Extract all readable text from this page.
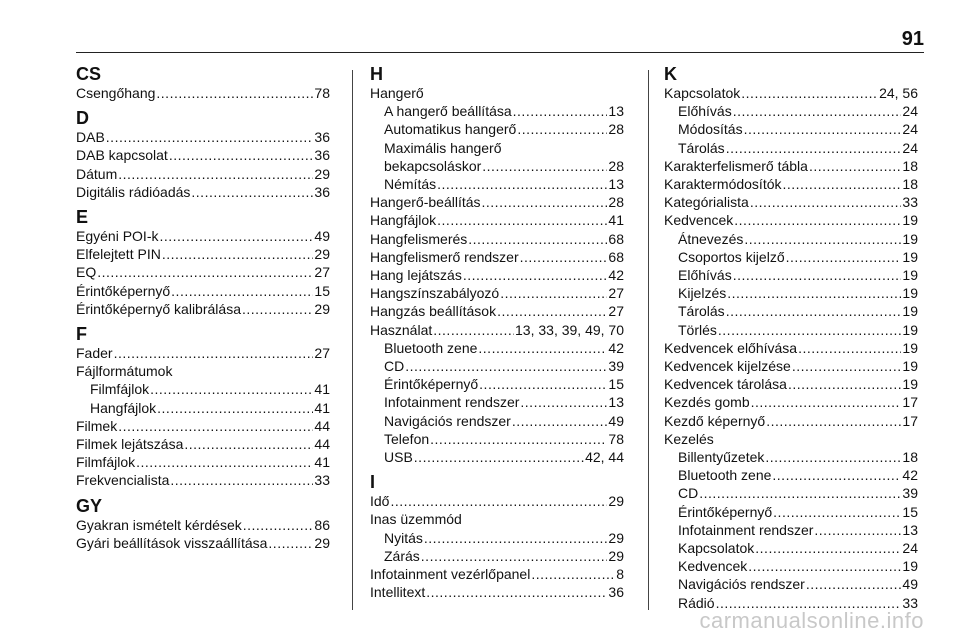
91
CS
Csengőhang .....	78
D
DAB .....	36
DAB kapcsolat .....	36
Dátum .....	29
Digitális rádióadás .....	36
E
Egyéni POI-k .....	49
Elfelejtett PIN .....	29
EQ .....	27
Érintőképernyő .....	15
Érintőképernyő kalibrálása .....	29
F
Fader .....	27
Fájlformátumok
Filmfájlok .....	41
Hangfájlok .....	41
Filmek .....	44
Filmek lejátszása .....	44
Filmfájlok .....	41
Frekvencialista .....	33
GY
Gyakran ismételt kérdések .....	86
Gyári beállítások visszaállítása .....	29
H
Hangerő
A hangerő beállítása .....	13
Automatikus hangerő .....	28
Maximális hangerő
bekapcsoláskor .....	28
Némítás .....	13
Hangerő-beállítás .....	28
Hangfájlok .....	41
Hangfelismerés .....	68
Hangfelismerő rendszer .....	68
Hang lejátszás .....	42
Hangszínszabályozó .....	27
Hangzás beállítások .....	27
Használat .....	13, 33, 39, 49, 70
Bluetooth zene .....	42
CD .....	39
Érintőképernyő .....	15
Infotainment rendszer .....	13
Navigációs rendszer .....	49
Telefon .....	78
USB .....	42, 44
I
Idő .....	29
Inas üzemmód
Nyitás .....	29
Zárás .....	29
Infotainment vezérlőpanel .....	8
Intellitext .....	36
K
Kapcsolatok .....	24, 56
Előhívás .....	24
Módosítás .....	24
Tárolás .....	24
Karakterfelismerő tábla .....	18
Karaktermódosítók .....	18
Kategórialista .....	33
Kedvencek .....	19
Átnevezés .....	19
Csoportos kijelző .....	19
Előhívás .....	19
Kijelzés .....	19
Tárolás .....	19
Törlés .....	19
Kedvencek előhívása .....	19
Kedvencek kijelzése .....	19
Kedvencek tárolása .....	19
Kezdés gomb .....	17
Kezdő képernyő .....	17
Kezelés
Billentyűzetek .....	18
Bluetooth zene .....	42
CD .....	39
Érintőképernyő .....	15
Infotainment rendszer .....	13
Kapcsolatok .....	24
Kedvencek .....	19
Navigációs rendszer .....	49
Rádió .....	33
carmanualsonline.info
